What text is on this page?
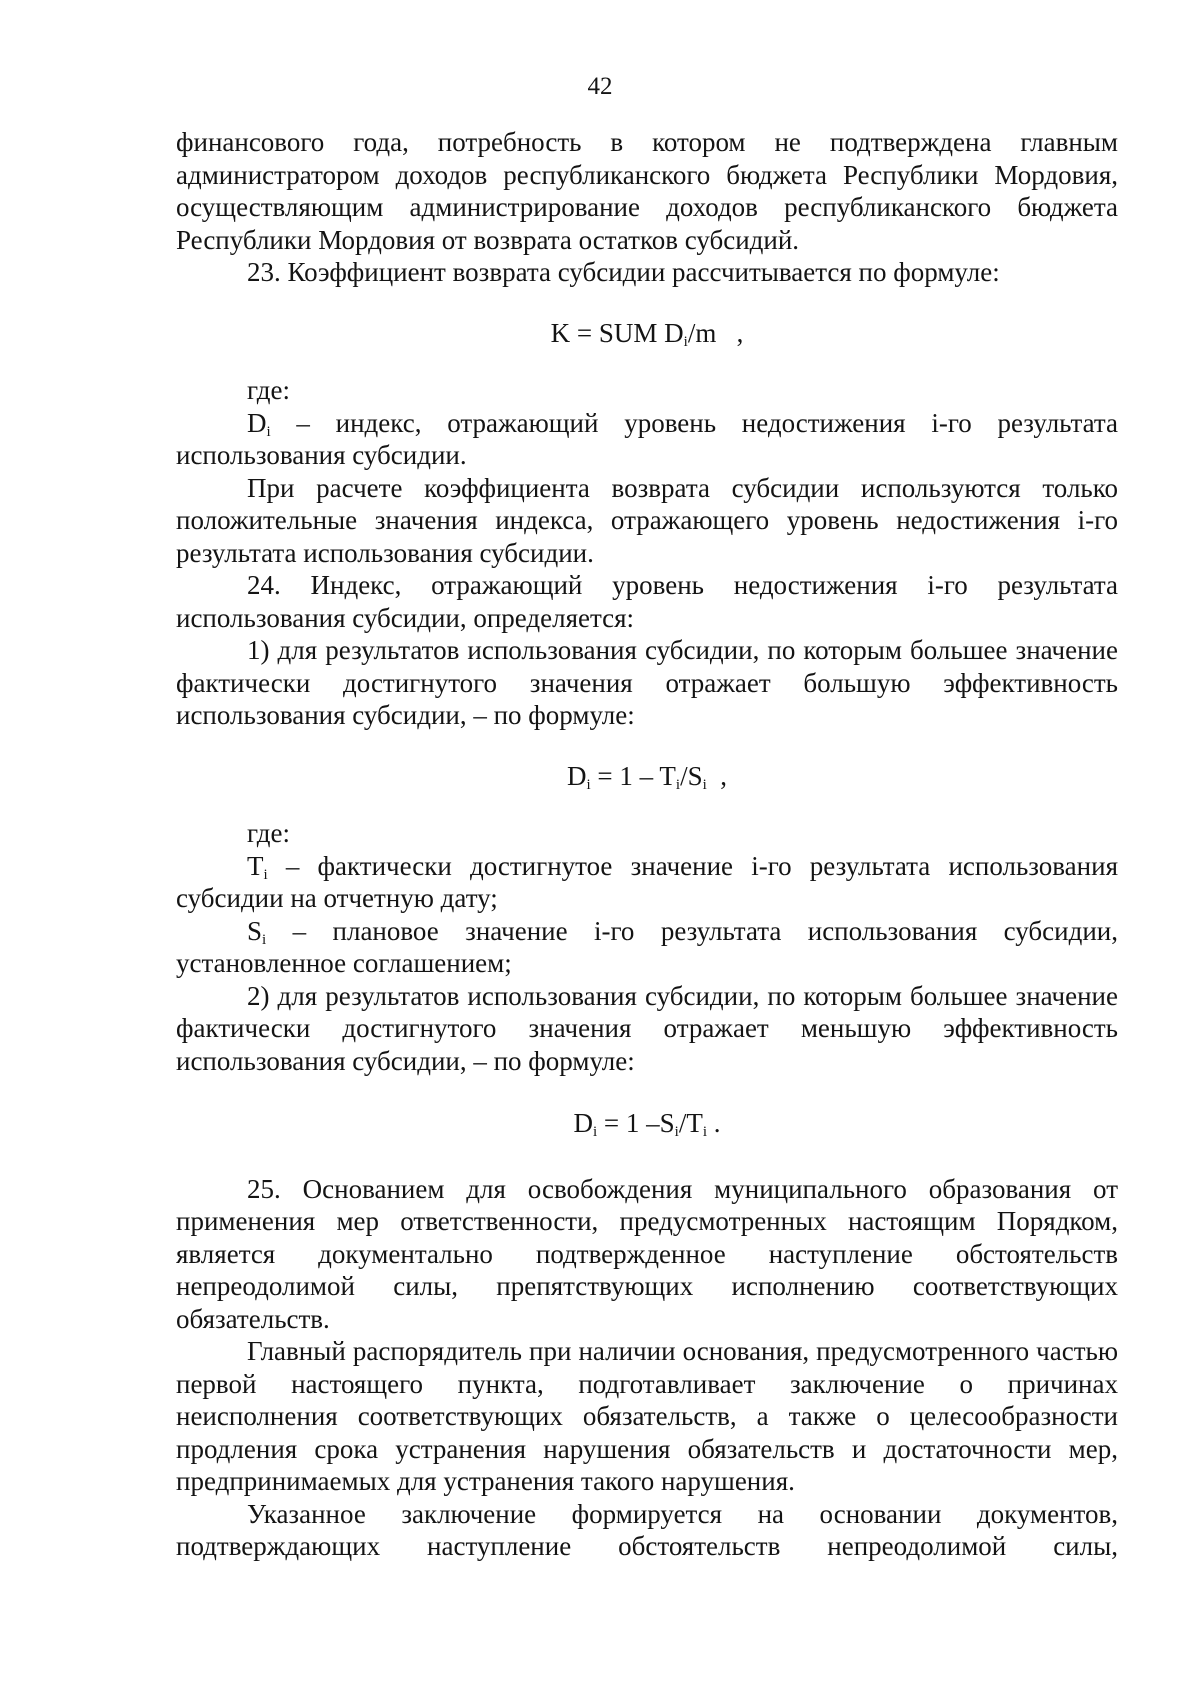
42

финансового года, потребность в котором не подтверждена главным администратором доходов республиканского бюджета Республики Мордовия, осуществляющим администрирование доходов республиканского бюджета Республики Мордовия от возврата остатков субсидий.

23. Коэффициент возврата субсидии рассчитывается по формуле:

K = SUM $D_i/m$   ,

где:

$D_i$ – индекс, отражающий уровень недостижения i-го результата использования субсидии.

При расчете коэффициента возврата субсидии используются только положительные значения индекса, отражающего уровень недостижения i-го результата использования субсидии.

24. Индекс, отражающий уровень недостижения i-го результата использования субсидии, определяется:

1) для результатов использования субсидии, по которым большее значение фактически достигнутого значения отражает большую эффективность использования субсидии, – по формуле:

$D_i = 1 - T_i/S_i$  ,

где:

$T_i$ – фактически достигнутое значение i-го результата использования субсидии на отчетную дату;

$S_i$ – плановое значение i-го результата использования субсидии, установленное соглашением;

2) для результатов использования субсидии, по которым большее значение фактически достигнутого значения отражает меньшую эффективность использования субсидии, – по формуле:

$D_i = 1$ $-S_i/T_i$ .

25. Основанием для освобождения муниципального образования от применения мер ответственности, предусмотренных настоящим Порядком, является документально подтвержденное наступление обстоятельств непреодолимой силы, препятствующих исполнению соответствующих обязательств.

Главный распорядитель при наличии основания, предусмотренного частью первой настоящего пункта, подготавливает заключение о причинах неисполнения соответствующих обязательств, а также о целесообразности продления срока устранения нарушения обязательств и достаточности мер, предпринимаемых для устранения такого нарушения.

Указанное заключение формируется на основании документов, подтверждающих наступление обстоятельств непреодолимой силы,
